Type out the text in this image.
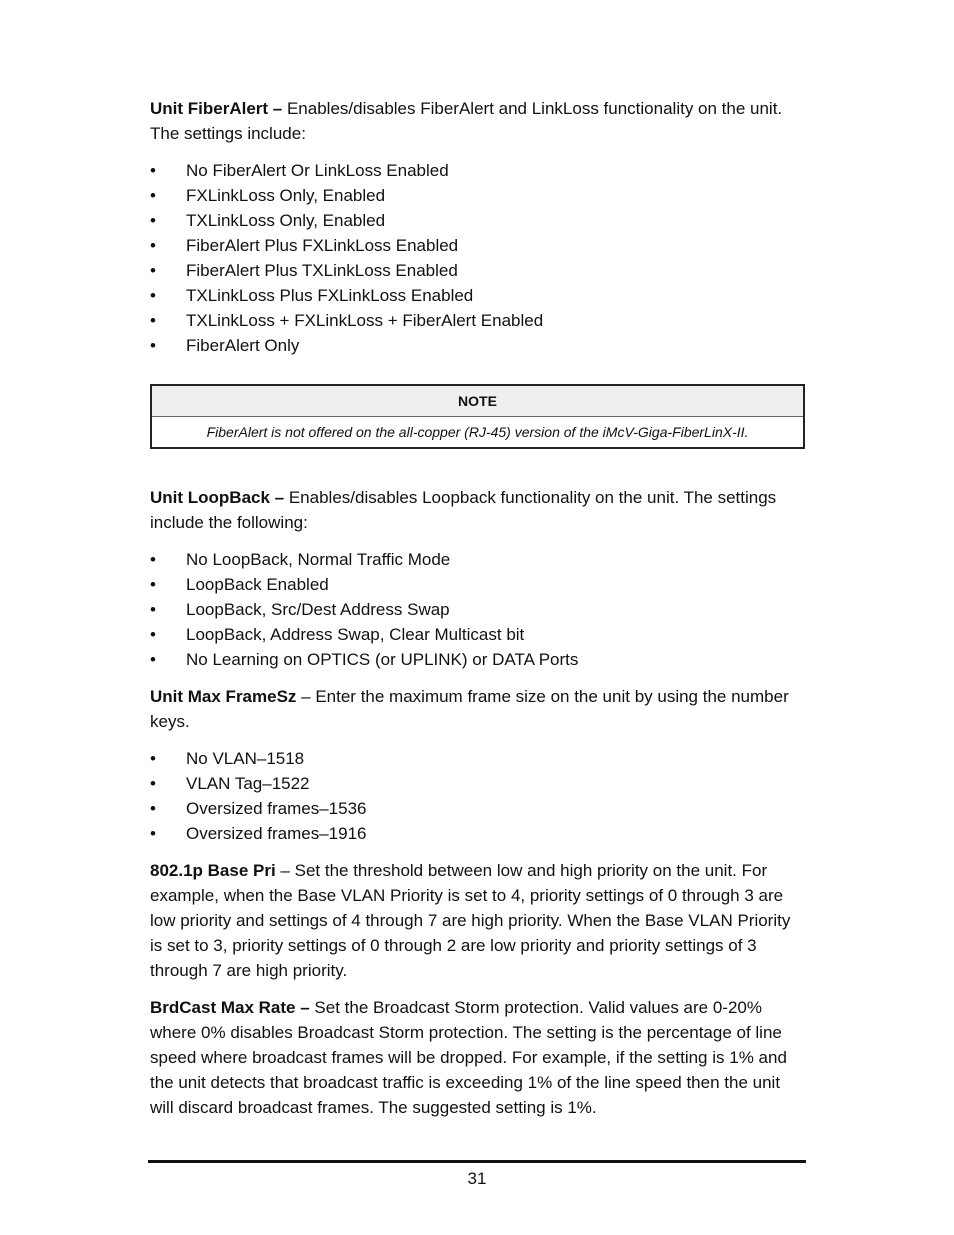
Unit FiberAlert – Enables/disables FiberAlert and LinkLoss functionality on the unit. The settings include:

• No FiberAlert Or LinkLoss Enabled
• FXLinkLoss Only, Enabled
• TXLinkLoss Only, Enabled
• FiberAlert Plus FXLinkLoss Enabled
• FiberAlert Plus TXLinkLoss Enabled
• TXLinkLoss Plus FXLinkLoss Enabled
• TXLinkLoss + FXLinkLoss + FiberAlert Enabled
• FiberAlert Only
NOTE
FiberAlert is not offered on the all-copper (RJ-45) version of the iMcV-Giga-FiberLinX-II.

Unit LoopBack – Enables/disables Loopback functionality on the unit. The settings include the following:

• No LoopBack, Normal Traffic Mode
• LoopBack Enabled
• LoopBack, Src/Dest Address Swap
• LoopBack, Address Swap, Clear Multicast bit
• No Learning on OPTICS (or UPLINK) or DATA Ports

Unit Max FrameSz – Enter the maximum frame size on the unit by using the number keys.

• No VLAN–1518
• VLAN Tag–1522
• Oversized frames–1536
• Oversized frames–1916

802.1p Base Pri – Set the threshold between low and high priority on the unit. For example, when the Base VLAN Priority is set to 4, priority settings of 0 through 3 are low priority and settings of 4 through 7 are high priority. When the Base VLAN Priority is set to 3, priority settings of 0 through 2 are low priority and priority settings of 3 through 7 are high priority.

BrdCast Max Rate – Set the Broadcast Storm protection. Valid values are 0-20% where 0% disables Broadcast Storm protection. The setting is the percentage of line speed where broadcast frames will be dropped. For example, if the setting is 1% and the unit detects that broadcast traffic is exceeding 1% of the line speed then the unit will discard broadcast frames. The suggested setting is 1%.

31
